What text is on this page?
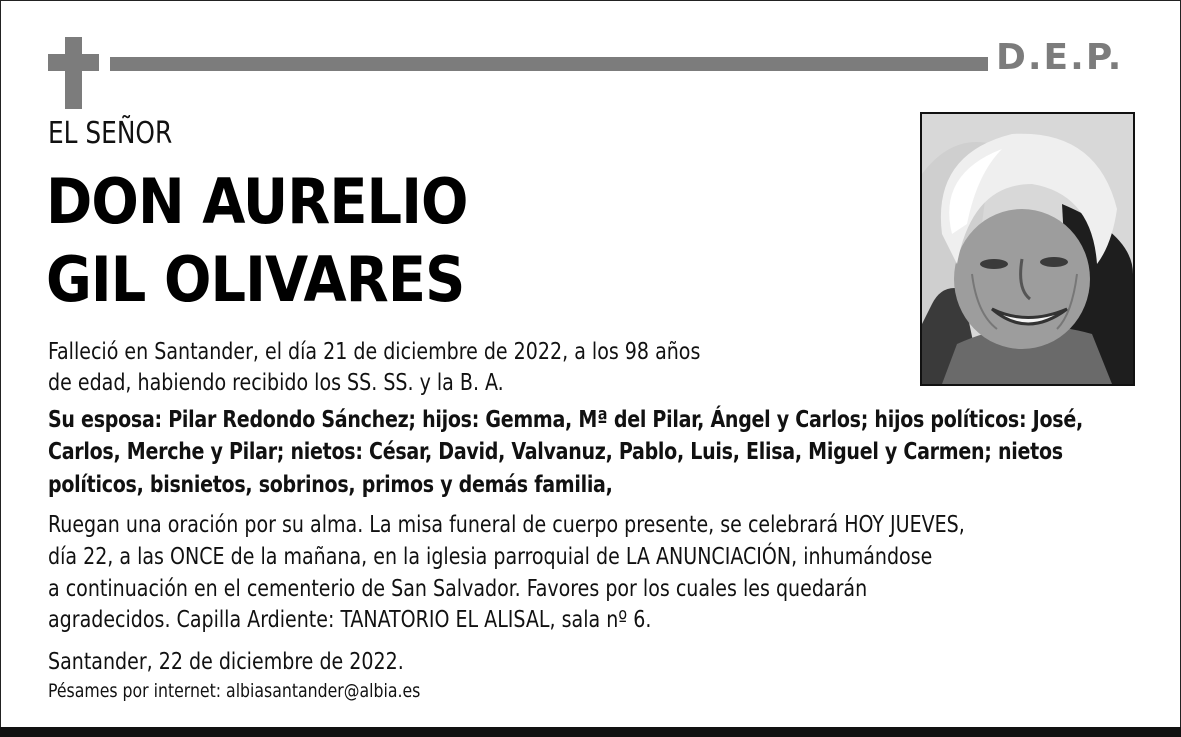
D.E.P.
EL SEÑOR
DON AURELIO
GIL OLIVARES
Falleció en Santander, el día 21 de diciembre de 2022, a los 98 años
de edad, habiendo recibido los SS. SS. y la B. A.
Su esposa: Pilar Redondo Sánchez; hijos: Gemma, Mª del Pilar, Ángel y Carlos; hijos políticos: José,
Carlos, Merche y Pilar; nietos: César, David, Valvanuz, Pablo, Luis, Elisa, Miguel y Carmen; nietos
políticos, bisnietos, sobrinos, primos y demás familia,
Ruegan una oración por su alma. La misa funeral de cuerpo presente, se celebrará HOY JUEVES,
día 22, a las ONCE de la mañana, en la iglesia parroquial de LA ANUNCIACIÓN, inhumándose
a continuación en el cementerio de San Salvador. Favores por los cuales les quedarán
agradecidos. Capilla Ardiente: TANATORIO EL ALISAL, sala nº 6.
Santander, 22 de diciembre de 2022.
Pésames por internet: albiasantander@albia.es
